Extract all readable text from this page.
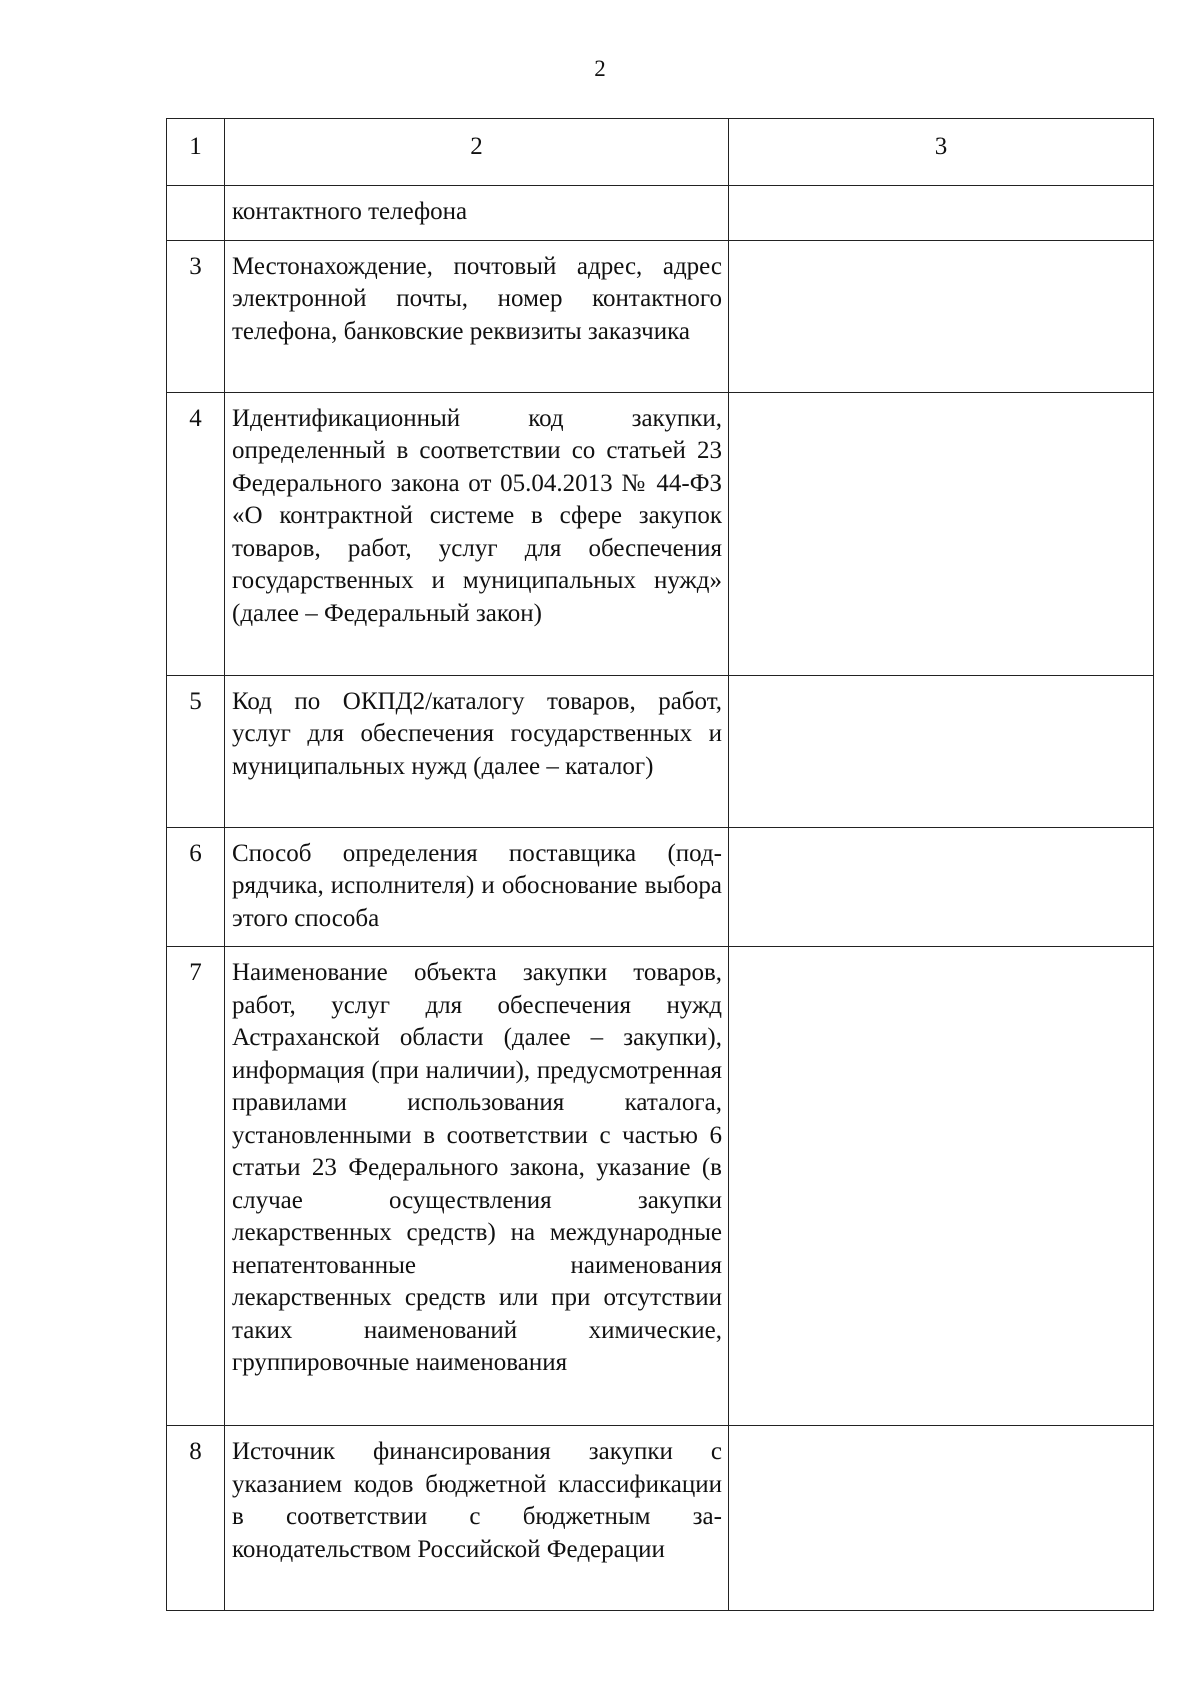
2
1	2	3
	контактного телефона	
3	Местонахождение, почтовый адрес, адрес электронной почты, номер контактного телефона, банковские реквизиты заказчика	
4	Идентификационный код закупки, определенный в соответствии со статьей 23 Федерального закона от 05.04.2013 № 44-ФЗ «О контрактной системе в сфере закупок товаров, работ, услуг для обеспечения государственных и муниципальных нужд» (далее – Федеральный закон)	
5	Код по ОКПД2/каталогу товаров, работ, услуг для обеспечения государственных и муниципальных нужд (далее – каталог)	
6	Способ определения поставщика (подрядчика, исполнителя) и обоснование выбора этого способа	
7	Наименование объекта закупки товаров, работ, услуг для обеспечения нужд Астраханской области (далее – закупки), информация (при наличии), предусмотренная правилами использования каталога, установленными в соответствии с частью 6 статьи 23 Федерального закона, указание (в случае осуществления закупки лекарственных средств) на международные непатентованные наименования лекарственных средств или при отсутствии таких наименований химические, группировочные наименования	
8	Источник финансирования закупки с указанием кодов бюджетной классификации в соответствии с бюджетным законодательством Российской Федерации	
